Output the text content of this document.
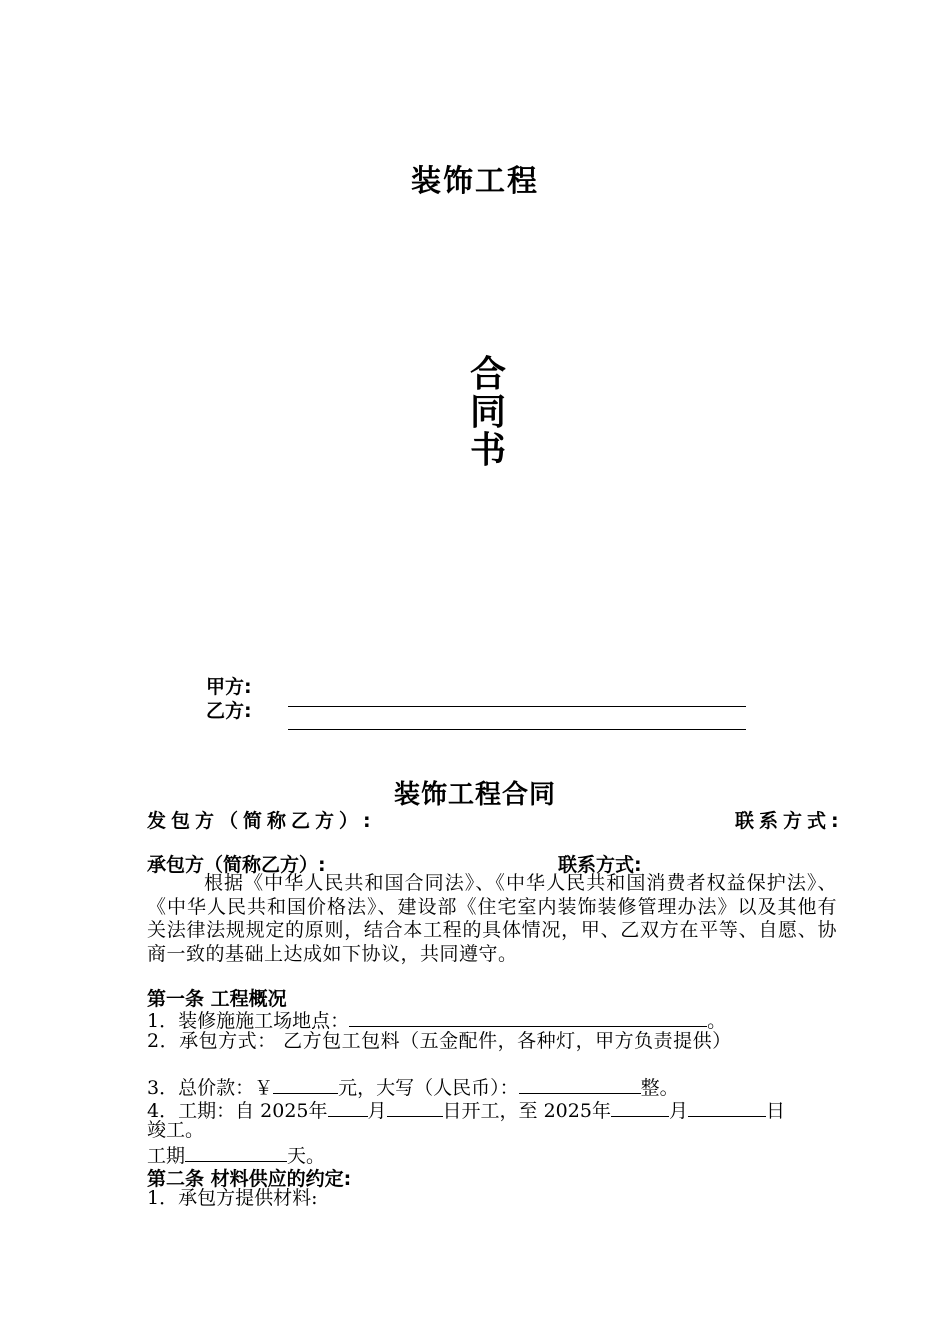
装饰工程
合
同
书
甲方:
乙方:
装饰工程合同
发包方（简称乙方）:	联系方式:
承包方（简称乙方）:	联系方式:
根据《中华人民共和国合同法》、《中华人民共和国消费者权益保护法》、《中华人民共和国价格法》、建设部《住宅室内装饰装修管理办法》以及其他有关法律法规规定的原则，结合本工程的具体情况，甲、乙双方在平等、自愿、协商一致的基础上达成如下协议，共同遵守。
第一条 工程概况
1．装修施施工场地点：	。
2．承包方式： 乙方包工包料（五金配件，各种灯，甲方负责提供）
3．总价款：￥	元，大写（人民币）：	整。
4．工期：自 2025年 月	日开工，至 2025年	月	日
竣工。
工期	天。
第二条 材料供应的约定:
1．承包方提供材料:
